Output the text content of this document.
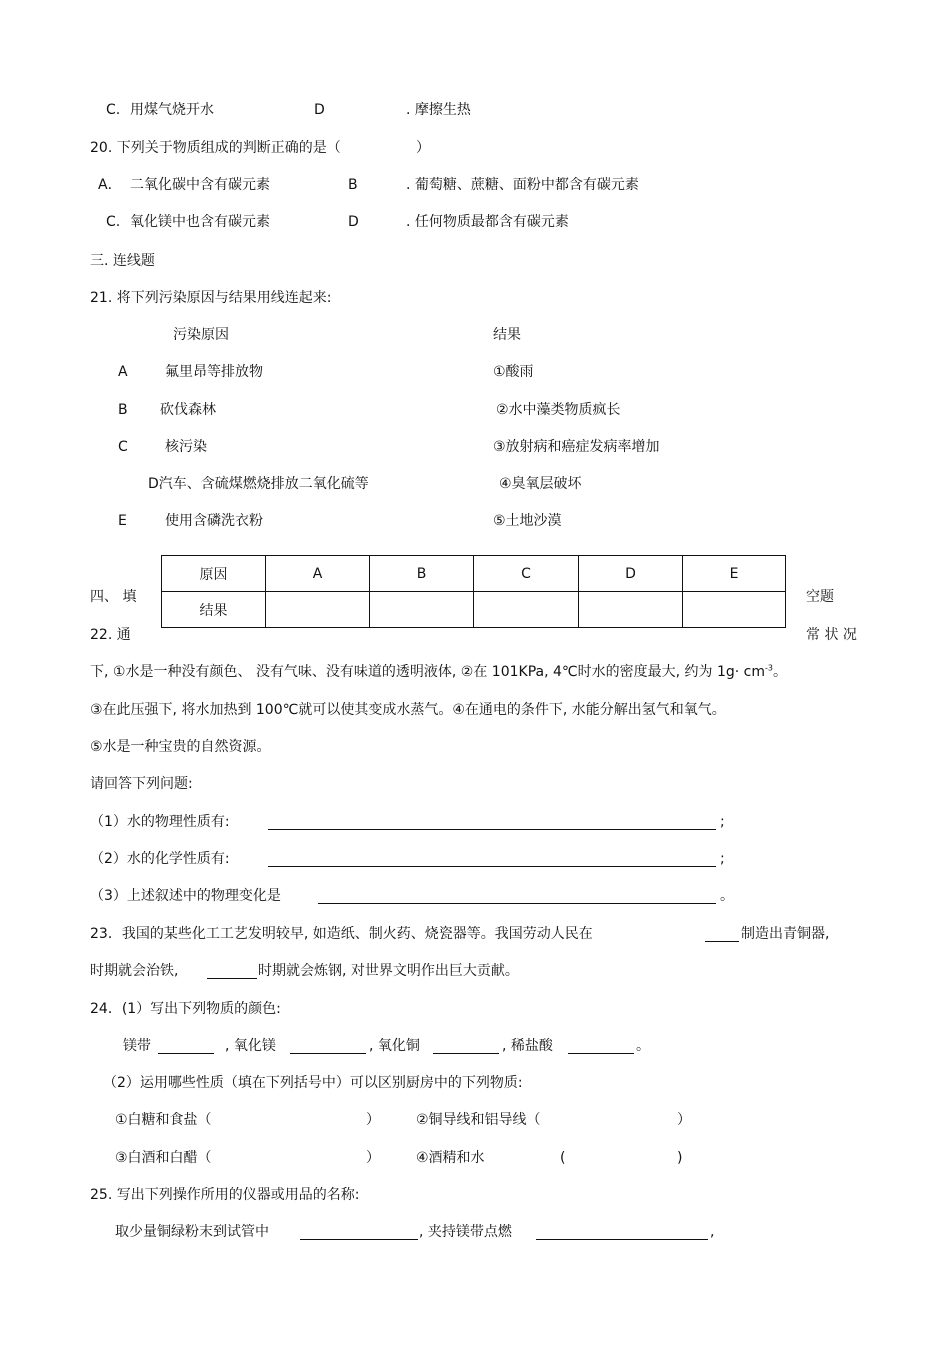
C. 用煤气烧开水	D	. 摩擦生热
20. 下列关于物质组成的判断正确的是（	）
A． 二氧化碳中含有碳元素	B	. 葡萄糖、蔗糖、面粉中都含有碳元素
C. 氧化镁中也含有碳元素	D	. 任何物质最都含有碳元素
三. 连线题
21. 将下列污染原因与结果用线连起来:
污染原因	结果
A	氟里昂等排放物	①酸雨
B 砍伐森林	②水中藻类物质疯长
C	核污染	③放射病和癌症发病率增加
D汽车、含硫煤燃烧排放二氧化硫等	④臭氧层破坏
E	使用含磷洗衣粉	⑤土地沙漠
原因	A	B	C	D	E
结果					
四、 填	空题
22. 通	常 状 况
下, ①水是一种没有颜色、 没有气味、没有味道的透明液体, ②在 101KPa, 4℃时水的密度最大, 约为 $1g\cdot cm^{-3}$。
③在此压强下, 将水加热到 100℃就可以使其变成水蒸气。④在通电的条件下, 水能分解出氢气和氧气。
⑤水是一种宝贵的自然资源。
请回答下列问题:
（1）水的物理性质有:	;
（2）水的化学性质有:	;
（3）上述叙述中的物理变化是	。
23．我国的某些化工工艺发明较早, 如造纸、制火药、烧瓷器等。我国劳动人民在	制造出青铜器,
时期就会治铁,	时期就会炼钢, 对世界文明作出巨大贡献。
24．(1）写出下列物质的颜色:
镁带	, 氧化镁	, 氧化铜	, 稀盐酸	。
（2）运用哪些性质（填在下列括号中）可以区别厨房中的下列物质:
①白糖和食盐（	）	②铜导线和铝导线（	）
③白酒和白醋（	）	④酒精和水	(	)
25. 写出下列操作所用的仪器或用品的名称:
取少量铜绿粉末到试管中	, 夹持镁带点燃	,
